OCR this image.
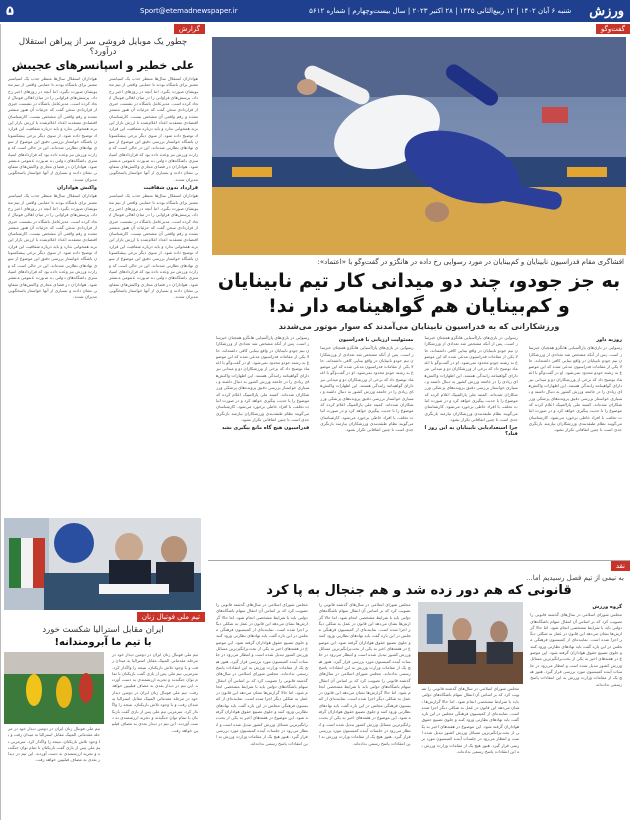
ورزش
شنبه ۶ آبان ۱۴۰۲ | ۱۲ ربیع‌الثانی ۱۴۴۵ | ۲۸ اکتبر ۲۰۲۳ | سال بیست‌وچهارم | شماره ۵۶۱۲
Sport@etemadnewspaper.ir
۵
گزارش
چطور یک موبایل فروشی سر از پیراهن استقلال درآورد؟
علی خطیر و اسپانسرهای عجیبش
هواداران استقلال سال‌ها منتظر جذب یک اسپانسر معتبر برای باشگاه بودند تا حمایتی واقعی از تیم محبوبشان صورت بگیرد. اما آنچه در روزهای اخیر رخ داد، پرسش‌های فراوانی را در میان اهالی فوتبال ایجاد کرده است. مدیرعامل باشگاه در نشست خبری از قراردادی سخن گفت که جزئیات آن هنوز منتشر نشده و رقم واقعی آن مشخص نیست. کارشناسان اقتصادی معتقدند اعداد اعلام‌شده با ارزش بازار این برند همخوانی ندارد و باید درباره شفافیت این قرارداد توضیح داده شود. از سوی دیگر برخی پیشکسوتان باشگاه خواستار بررسی دقیق این موضوع از سوی نهادهای نظارتی شده‌اند. این در حالی است که وزارت ورزش نیز وعده داده بود که قراردادهای اسپانسری باشگاه‌های دولتی به صورت عمومی منتشر شود. هواداران در فضای مجازی واکنش‌های متفاوتی نشان دادند و بسیاری از آنها خواستار پاسخگویی مدیران شدند.
قرارداد بدون شفافیت
هواداران استقلال سال‌ها منتظر جذب یک اسپانسر معتبر برای باشگاه بودند تا حمایتی واقعی از تیم محبوبشان صورت بگیرد. اما آنچه در روزهای اخیر رخ داد، پرسش‌های فراوانی را در میان اهالی فوتبال ایجاد کرده است. مدیرعامل باشگاه در نشست خبری از قراردادی سخن گفت که جزئیات آن هنوز منتشر نشده و رقم واقعی آن مشخص نیست. کارشناسان اقتصادی معتقدند اعداد اعلام‌شده با ارزش بازار این برند همخوانی ندارد و باید درباره شفافیت این قرارداد توضیح داده شود. از سوی دیگر برخی پیشکسوتان باشگاه خواستار بررسی دقیق این موضوع از سوی نهادهای نظارتی شده‌اند. این در حالی است که وزارت ورزش نیز وعده داده بود که قراردادهای اسپانسری باشگاه‌های دولتی به صورت عمومی منتشر شود. هواداران در فضای مجازی واکنش‌های متفاوتی نشان دادند و بسیاری از آنها خواستار پاسخگویی مدیران شدند.
هواداران استقلال سال‌ها منتظر جذب یک اسپانسر معتبر برای باشگاه بودند تا حمایتی واقعی از تیم محبوبشان صورت بگیرد. اما آنچه در روزهای اخیر رخ داد، پرسش‌های فراوانی را در میان اهالی فوتبال ایجاد کرده است. مدیرعامل باشگاه در نشست خبری از قراردادی سخن گفت که جزئیات آن هنوز منتشر نشده و رقم واقعی آن مشخص نیست. کارشناسان اقتصادی معتقدند اعداد اعلام‌شده با ارزش بازار این برند همخوانی ندارد و باید درباره شفافیت این قرارداد توضیح داده شود. از سوی دیگر برخی پیشکسوتان باشگاه خواستار بررسی دقیق این موضوع از سوی نهادهای نظارتی شده‌اند. این در حالی است که وزارت ورزش نیز وعده داده بود که قراردادهای اسپانسری باشگاه‌های دولتی به صورت عمومی منتشر شود. هواداران در فضای مجازی واکنش‌های متفاوتی نشان دادند و بسیاری از آنها خواستار پاسخگویی مدیران شدند.
واکنش هواداران
هواداران استقلال سال‌ها منتظر جذب یک اسپانسر معتبر برای باشگاه بودند تا حمایتی واقعی از تیم محبوبشان صورت بگیرد. اما آنچه در روزهای اخیر رخ داد، پرسش‌های فراوانی را در میان اهالی فوتبال ایجاد کرده است. مدیرعامل باشگاه در نشست خبری از قراردادی سخن گفت که جزئیات آن هنوز منتشر نشده و رقم واقعی آن مشخص نیست. کارشناسان اقتصادی معتقدند اعداد اعلام‌شده با ارزش بازار این برند همخوانی ندارد و باید درباره شفافیت این قرارداد توضیح داده شود. از سوی دیگر برخی پیشکسوتان باشگاه خواستار بررسی دقیق این موضوع از سوی نهادهای نظارتی شده‌اند. این در حالی است که وزارت ورزش نیز وعده داده بود که قراردادهای اسپانسری باشگاه‌های دولتی به صورت عمومی منتشر شود. هواداران در فضای مجازی واکنش‌های متفاوتی نشان دادند و بسیاری از آنها خواستار پاسخگویی مدیران شدند.
تیم ملی فوتبال زنان
ایران مقابل استرالیا شکست خورد
با تیم ما آبرومندانه!
تیم ملی فوتبال زنان ایران در دومین دیدار خود در مرحله مقدماتی المپیک مقابل استرالیا به میدان رفت و با وجود تلاش بازیکنان، نتیجه را واگذار کرد. سرمربی تیم ملی پس از بازی گفت بازیکنان با تمام توان جنگیدند و تجربه ارزشمندی به دست آوردند. این تیم در دیدار بعدی به مصاف فیلیپین خواهد رفت. تیم ملی فوتبال زنان ایران در دومین دیدار خود در مرحله مقدماتی المپیک مقابل استرالیا به میدان رفت و با وجود تلاش بازیکنان، نتیجه را واگذار کرد. سرمربی تیم ملی پس از بازی گفت بازیکنان با تمام توان جنگیدند و تجربه ارزشمندی به دست آوردند. این تیم در دیدار بعدی به مصاف فیلیپین خواهد رفت.
تیم ملی فوتبال زنان ایران در دومین دیدار خود در مرحله مقدماتی المپیک مقابل استرالیا به میدان رفت و با وجود تلاش بازیکنان، نتیجه را واگذار کرد. سرمربی تیم ملی پس از بازی گفت بازیکنان با تمام توان جنگیدند و تجربه ارزشمندی به دست آوردند. این تیم در دیدار بعدی به مصاف فیلیپین خواهد رفت.
گفت‌وگو
افشاگری مقام فدراسیون نابینایان و کم‌بینایان در مورد رسوایی رخ داده در هانگژو در گفت‌وگو با «اعتماد»:
به جز جودو، چند دو میدانی کار تیم نابینایان و کم‌بینایان هم گواهینامه دار ند!
ورزشکارانی که به فدراسیون نابینایان می‌آمدند که سوار موتور می‌شدند
روزبه داور
رسوایی در بازی‌های پاراآسیایی هانگژو همچنان خبرساز است. پس از آنکه مشخص شد تعدادی از ورزشکاران تیم جودو نابینایان در واقع بینایی کافی داشته‌اند، حالا یکی از مقامات فدراسیون مدعی شده که این موضوع به رشته جودو محدود نمی‌شود. او در گفت‌وگو با اعتماد توضیح داد که برخی از ورزشکاران دو و میدانی نیز دارای گواهینامه رانندگی هستند. این اظهارات واکنش‌های زیادی را در جامعه ورزش کشور به دنبال داشته و بسیاری خواستار بررسی دقیق پرونده‌های پزشکی ورزشکاران شده‌اند. کمیته ملی پارالمپیک اعلام کرده که موضوع را با جدیت پیگیری خواهد کرد و در صورت اثبات تخلف، با افراد خاطی برخورد می‌شود. کارشناسان می‌گویند نظام طبقه‌بندی ورزشکاران نیازمند بازنگری جدی است تا چنین اتفاقاتی تکرار نشود.
رسوایی در بازی‌های پاراآسیایی هانگژو همچنان خبرساز است. پس از آنکه مشخص شد تعدادی از ورزشکاران تیم جودو نابینایان در واقع بینایی کافی داشته‌اند، حالا یکی از مقامات فدراسیون مدعی شده که این موضوع به رشته جودو محدود نمی‌شود. او در گفت‌وگو با اعتماد توضیح داد که برخی از ورزشکاران دو و میدانی نیز دارای گواهینامه رانندگی هستند. این اظهارات واکنش‌های زیادی را در جامعه ورزش کشور به دنبال داشته و بسیاری خواستار بررسی دقیق پرونده‌های پزشکی ورزشکاران شده‌اند. کمیته ملی پارالمپیک اعلام کرده که موضوع را با جدیت پیگیری خواهد کرد و در صورت اثبات تخلف، با افراد خاطی برخورد می‌شود. کارشناسان می‌گویند نظام طبقه‌بندی ورزشکاران نیازمند بازنگری جدی است تا چنین اتفاقاتی تکرار نشود.
چرا استعدادیابی نابینایان به این روز افتاد؟
مسئولیت ارزیابی با فدراسیون
رسوایی در بازی‌های پاراآسیایی هانگژو همچنان خبرساز است. پس از آنکه مشخص شد تعدادی از ورزشکاران تیم جودو نابینایان در واقع بینایی کافی داشته‌اند، حالا یکی از مقامات فدراسیون مدعی شده که این موضوع به رشته جودو محدود نمی‌شود. او در گفت‌وگو با اعتماد توضیح داد که برخی از ورزشکاران دو و میدانی نیز دارای گواهینامه رانندگی هستند. این اظهارات واکنش‌های زیادی را در جامعه ورزش کشور به دنبال داشته و بسیاری خواستار بررسی دقیق پرونده‌های پزشکی ورزشکاران شده‌اند. کمیته ملی پارالمپیک اعلام کرده که موضوع را با جدیت پیگیری خواهد کرد و در صورت اثبات تخلف، با افراد خاطی برخورد می‌شود. کارشناسان می‌گویند نظام طبقه‌بندی ورزشکاران نیازمند بازنگری جدی است تا چنین اتفاقاتی تکرار نشود.
رسوایی در بازی‌های پاراآسیایی هانگژو همچنان خبرساز است. پس از آنکه مشخص شد تعدادی از ورزشکاران تیم جودو نابینایان در واقع بینایی کافی داشته‌اند، حالا یکی از مقامات فدراسیون مدعی شده که این موضوع به رشته جودو محدود نمی‌شود. او در گفت‌وگو با اعتماد توضیح داد که برخی از ورزشکاران دو و میدانی نیز دارای گواهینامه رانندگی هستند. این اظهارات واکنش‌های زیادی را در جامعه ورزش کشور به دنبال داشته و بسیاری خواستار بررسی دقیق پرونده‌های پزشکی ورزشکاران شده‌اند. کمیته ملی پارالمپیک اعلام کرده که موضوع را با جدیت پیگیری خواهد کرد و در صورت اثبات تخلف، با افراد خاطی برخورد می‌شود. کارشناسان می‌گویند نظام طبقه‌بندی ورزشکاران نیازمند بازنگری جدی است تا چنین اتفاقاتی تکرار نشود.
فدراسیون هیچ گاه مانع پیگیری نشد
نقد
به نیمی از تیم فصل رسیدیم اما...
قانونی که هم دور زده شد و هم جنجال به پا کرد
گروه ورزش
مجلس شورای اسلامی در سال‌های گذشته قانونی را تصویب کرد که بر اساس آن انتقال سهام باشگاه‌های دولتی باید با شرایط مشخصی انجام شود. اما حالا گزارش‌ها نشان می‌دهد این قانون در عمل به شکلی دیگر اجرا شده است. نماینده‌ای از کمیسیون فرهنگی مجلس در این باره گفت باید نهادهای نظارتی ورود کنند و جلوی تضییع حقوق هواداران گرفته شود. این موضوع در هفته‌های اخیر به یکی از بحث‌برانگیزترین مسائل ورزش کشور تبدیل شده است و انتظار می‌رود در جلسات آینده کمیسیون مورد بررسی قرار گیرد. هنوز هیچ یک از مقامات وزارت ورزش به این انتقادات پاسخ رسمی نداده‌اند.
مجلس شورای اسلامی در سال‌های گذشته قانونی را تصویب کرد که بر اساس آن انتقال سهام باشگاه‌های دولتی باید با شرایط مشخصی انجام شود. اما حالا گزارش‌ها نشان می‌دهد این قانون در عمل به شکلی دیگر اجرا شده است. نماینده‌ای از کمیسیون فرهنگی مجلس در این باره گفت باید نهادهای نظارتی ورود کنند و جلوی تضییع حقوق هواداران گرفته شود. این موضوع در هفته‌های اخیر به یکی از بحث‌برانگیزترین مسائل ورزش کشور تبدیل شده است و انتظار می‌رود در جلسات آینده کمیسیون مورد بررسی قرار گیرد. هنوز هیچ یک از مقامات وزارت ورزش به این انتقادات پاسخ رسمی نداده‌اند.
مجلس شورای اسلامی در سال‌های گذشته قانونی را تصویب کرد که بر اساس آن انتقال سهام باشگاه‌های دولتی باید با شرایط مشخصی انجام شود. اما حالا گزارش‌ها نشان می‌دهد این قانون در عمل به شکلی دیگر اجرا شده است. نماینده‌ای از کمیسیون فرهنگی مجلس در این باره گفت باید نهادهای نظارتی ورود کنند و جلوی تضییع حقوق هواداران گرفته شود. این موضوع در هفته‌های اخیر به یکی از بحث‌برانگیزترین مسائل ورزش کشور تبدیل شده است و انتظار می‌رود در جلسات آینده کمیسیون مورد بررسی قرار گیرد. هنوز هیچ یک از مقامات وزارت ورزش به این انتقادات پاسخ رسمی نداده‌اند. مجلس شورای اسلامی در سال‌های گذشته قانونی را تصویب کرد که بر اساس آن انتقال سهام باشگاه‌های دولتی باید با شرایط مشخصی انجام شود. اما حالا گزارش‌ها نشان می‌دهد این قانون در عمل به شکلی دیگر اجرا شده است. نماینده‌ای از کمیسیون فرهنگی مجلس در این باره گفت باید نهادهای نظارتی ورود کنند و جلوی تضییع حقوق هواداران گرفته شود. این موضوع در هفته‌های اخیر به یکی از بحث‌برانگیزترین مسائل ورزش کشور تبدیل شده است و انتظار می‌رود در جلسات آینده کمیسیون مورد بررسی قرار گیرد. هنوز هیچ یک از مقامات وزارت ورزش به این انتقادات پاسخ رسمی نداده‌اند.
مجلس شورای اسلامی در سال‌های گذشته قانونی را تصویب کرد که بر اساس آن انتقال سهام باشگاه‌های دولتی باید با شرایط مشخصی انجام شود. اما حالا گزارش‌ها نشان می‌دهد این قانون در عمل به شکلی دیگر اجرا شده است. نماینده‌ای از کمیسیون فرهنگی مجلس در این باره گفت باید نهادهای نظارتی ورود کنند و جلوی تضییع حقوق هواداران گرفته شود. این موضوع در هفته‌های اخیر به یکی از بحث‌برانگیزترین مسائل ورزش کشور تبدیل شده است و انتظار می‌رود در جلسات آینده کمیسیون مورد بررسی قرار گیرد. هنوز هیچ یک از مقامات وزارت ورزش به این انتقادات پاسخ رسمی نداده‌اند. مجلس شورای اسلامی در سال‌های گذشته قانونی را تصویب کرد که بر اساس آن انتقال سهام باشگاه‌های دولتی باید با شرایط مشخصی انجام شود. اما حالا گزارش‌ها نشان می‌دهد این قانون در عمل به شکلی دیگر اجرا شده است. نماینده‌ای از کمیسیون فرهنگی مجلس در این باره گفت باید نهادهای نظارتی ورود کنند و جلوی تضییع حقوق هواداران گرفته شود. این موضوع در هفته‌های اخیر به یکی از بحث‌برانگیزترین مسائل ورزش کشور تبدیل شده است و انتظار می‌رود در جلسات آینده کمیسیون مورد بررسی قرار گیرد. هنوز هیچ یک از مقامات وزارت ورزش به این انتقادات پاسخ رسمی نداده‌اند.
